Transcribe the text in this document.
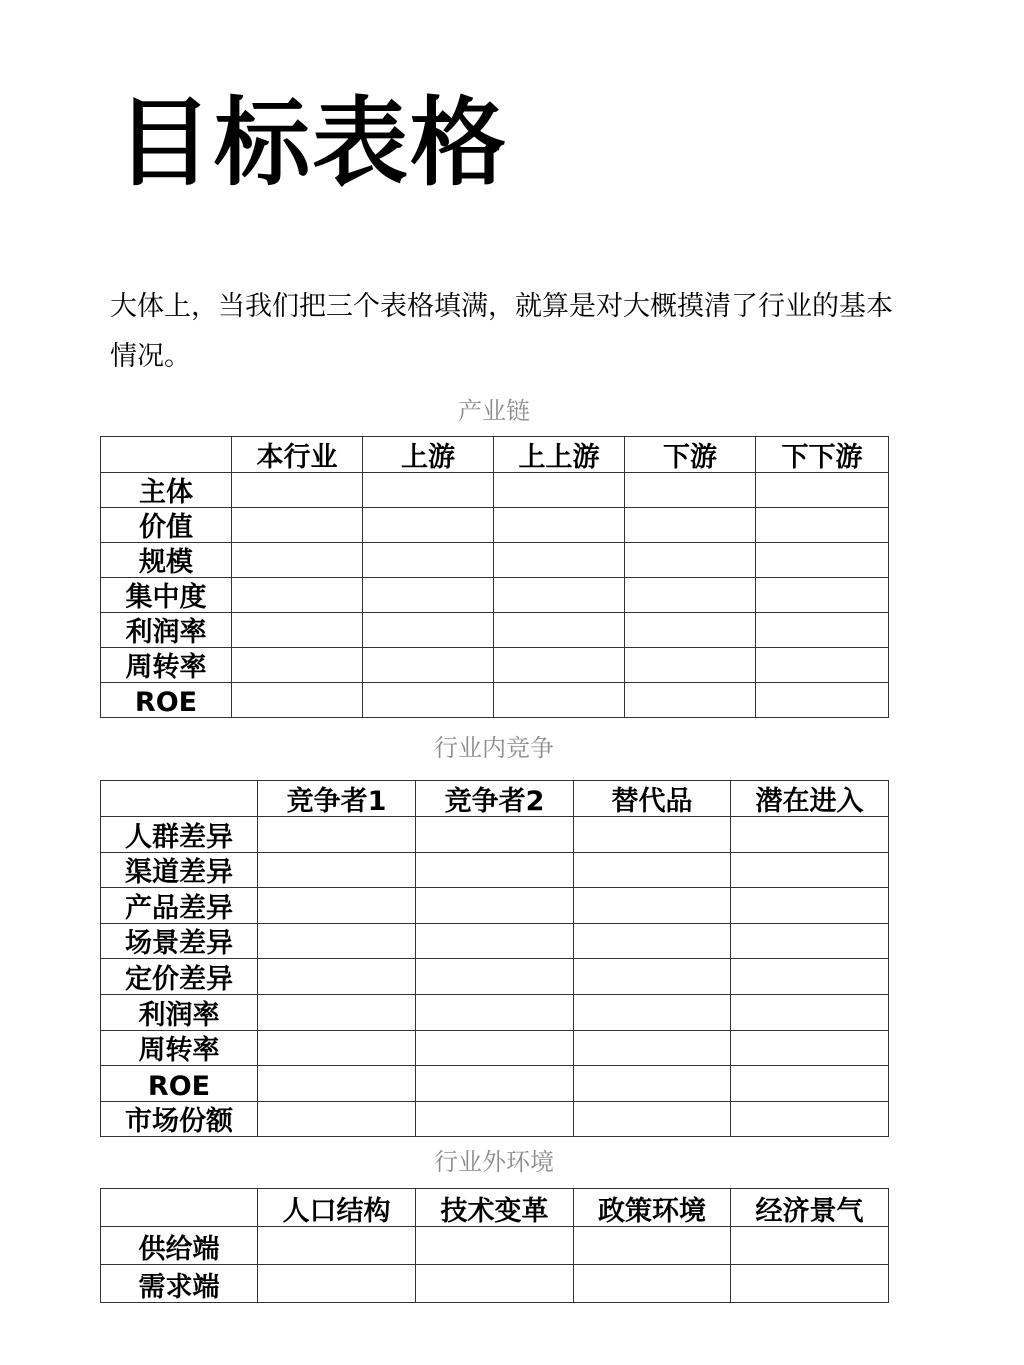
目标表格

大体上，当我们把三个表格填满，就算是对大概摸清了行业的基本情况。

产业链
	本行业	上游	上上游	下游	下下游
主体					
价值					
规模					
集中度					
利润率					
周转率					
ROE					
行业内竞争
	竞争者1	竞争者2	替代品	潜在进入
人群差异				
渠道差异				
产品差异				
场景差异				
定价差异				
利润率				
周转率				
ROE				
市场份额				
行业外环境
	人口结构	技术变革	政策环境	经济景气
供给端				
需求端				
